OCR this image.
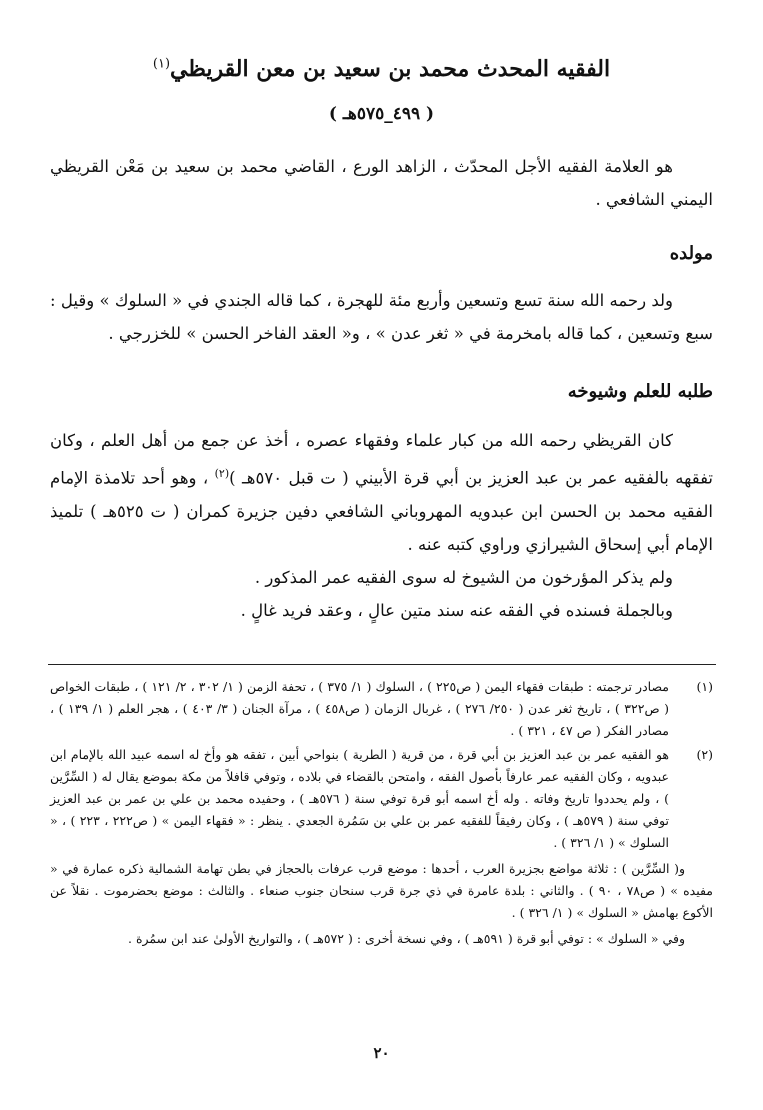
الفقيه المحدث محمد بن سعيد بن معن القريظي$^{(١)}$
( ٤٩٩_٥٧٥هـ )

هو العلامة الفقيه الأجل المحدّث ، الزاهد الورع ، القاضي محمد بن سعيد بن مَعْن القريظي اليمني الشافعي .

مولده

ولد رحمه الله سنة تسع وتسعين وأربع مئة للهجرة ، كما قاله الجندي في « السلوك » وقيل : سبع وتسعين ، كما قاله بامخرمة في « ثغر عدن » ، و« العقد الفاخر الحسن » للخزرجي .

طلبه للعلم وشيوخه

كان القريظي رحمه الله من كبار علماء وفقهاء عصره ، أخذ عن جمع من أهل العلم ، وكان تفقهه بالفقيه عمر بن عبد العزيز بن أبي قرة الأبيني ( ت قبل ٥٧٠هـ )$^{(٢)}$ ، وهو أحد تلامذة الإمام الفقيه محمد بن الحسن ابن عبدويه المهروباني الشافعي دفين جزيرة كمران ( ت ٥٢٥هـ ) تلميذ الإمام أبي إسحاق الشيرازي وراوي كتبه عنه .

ولم يذكر المؤرخون من الشيوخ له سوى الفقيه عمر المذكور .

وبالجملة فسنده في الفقه عنه سند متين عالٍ ، وعقد فريد غالٍ .

(١)
مصادر ترجمته : طبقات فقهاء اليمن ( ص٢٢٥ ) ، السلوك ( ١/ ٣٧٥ ) ، تحفة الزمن ( ١/ ٣٠٢ ، ٢/ ١٢١ ) ، طبقات الخواص ( ص٣٢٢ ) ، تاريخ ثغر عدن ( ٢٥٠/ ٢٧٦ ) ، غربال الزمان ( ص٤٥٨ ) ، مرآة الجنان ( ٣/ ٤٠٣ ) ، هجر العلم ( ١/ ١٣٩ ) ، مصادر الفكر ( ص ٤٧ ، ٣٢١ ) .
(٢)
هو الفقيه عمر بن عبد العزيز بن أبي قرة ، من قرية ( الطرية ) بنواحي أبين ، تفقه هو وأخ له اسمه عبيد الله بالإمام ابن عبدويه ، وكان الفقيه عمر عارفاً بأصول الفقه ، وامتحن بالقضاء في بلاده ، وتوفي قافلاً من مكة بموضع يقال له ( السِّرَّين ) ، ولم يحددوا تاريخ وفاته . وله أخ اسمه أبو قرة توفي سنة ( ٥٧٦هـ ) ، وحفيده محمد بن علي بن عمر بن عبد العزيز توفي سنة ( ٥٧٩هـ ) ، وكان رفيقاً للفقيه عمر بن علي بن سَمُرة الجعدي . ينظر : « فقهاء اليمن » ( ص٢٢٢ ، ٢٢٣ ) ، « السلوك » ( ١/ ٣٢٦ ) .
و( السِّرَّين ) : ثلاثة مواضع بجزيرة العرب ، أحدها : موضع قرب عرفات بالحجاز في بطن تهامة الشمالية ذكره عمارة في « مفيده » ( ص٧٨ ، ٩٠ ) . والثاني : بلدة عامرة في ذي جرة قرب سنحان جنوب صنعاء . والثالث : موضع بحضرموت . نقلاً عن الأكوع بهامش « السلوك » ( ١/ ٣٢٦ ) .
وفي « السلوك » : توفي أبو قرة ( ٥٩١هـ ) ، وفي نسخة أخرى : ( ٥٧٢هـ ) ، والتواريخ الأولىٰ عند ابن سمُرة .
٢٠
